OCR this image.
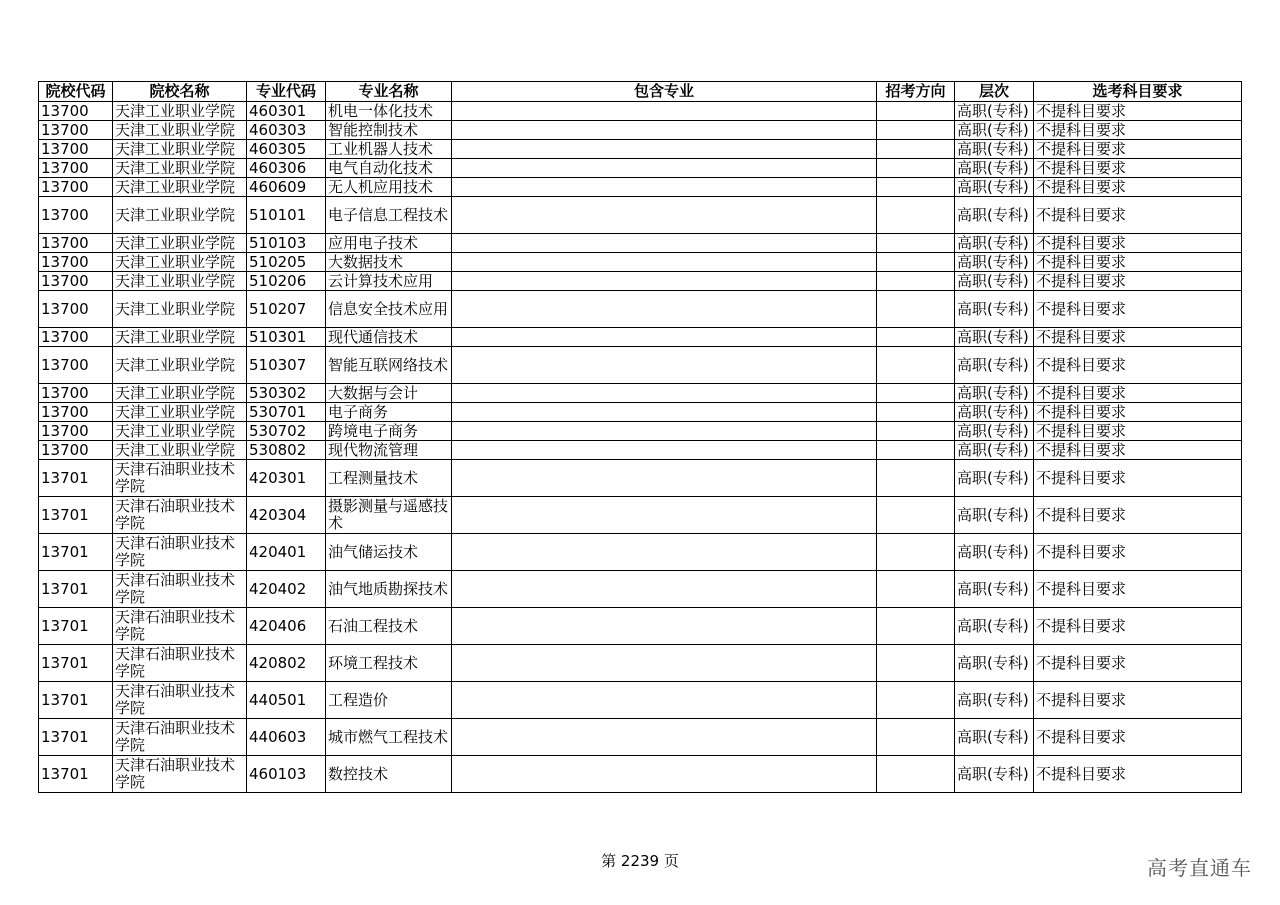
院校代码	院校名称	专业代码	专业名称	包含专业	招考方向	层次	选考科目要求

13700	天津工业职业学院	460301	机电一体化技术			高职(专科)	不提科目要求

13700	天津工业职业学院	460303	智能控制技术			高职(专科)	不提科目要求

13700	天津工业职业学院	460305	工业机器人技术			高职(专科)	不提科目要求

13700	天津工业职业学院	460306	电气自动化技术			高职(专科)	不提科目要求

13700	天津工业职业学院	460609	无人机应用技术			高职(专科)	不提科目要求

13700	天津工业职业学院	510101	电子信息工程技术			高职(专科)	不提科目要求

13700	天津工业职业学院	510103	应用电子技术			高职(专科)	不提科目要求

13700	天津工业职业学院	510205	大数据技术			高职(专科)	不提科目要求

13700	天津工业职业学院	510206	云计算技术应用			高职(专科)	不提科目要求

13700	天津工业职业学院	510207	信息安全技术应用			高职(专科)	不提科目要求

13700	天津工业职业学院	510301	现代通信技术			高职(专科)	不提科目要求

13700	天津工业职业学院	510307	智能互联网络技术			高职(专科)	不提科目要求

13700	天津工业职业学院	530302	大数据与会计			高职(专科)	不提科目要求

13700	天津工业职业学院	530701	电子商务			高职(专科)	不提科目要求

13700	天津工业职业学院	530702	跨境电子商务			高职(专科)	不提科目要求

13700	天津工业职业学院	530802	现代物流管理			高职(专科)	不提科目要求

13701	天津石油职业技术学院	420301	工程测量技术			高职(专科)	不提科目要求

13701	天津石油职业技术学院	420304	摄影测量与遥感技术			高职(专科)	不提科目要求

13701	天津石油职业技术学院	420401	油气储运技术			高职(专科)	不提科目要求

13701	天津石油职业技术学院	420402	油气地质勘探技术			高职(专科)	不提科目要求

13701	天津石油职业技术学院	420406	石油工程技术			高职(专科)	不提科目要求

13701	天津石油职业技术学院	420802	环境工程技术			高职(专科)	不提科目要求

13701	天津石油职业技术学院	440501	工程造价			高职(专科)	不提科目要求

13701	天津石油职业技术学院	440603	城市燃气工程技术			高职(专科)	不提科目要求

13701	天津石油职业技术学院	460103	数控技术			高职(专科)	不提科目要求
第 2239 页	高考直通车
